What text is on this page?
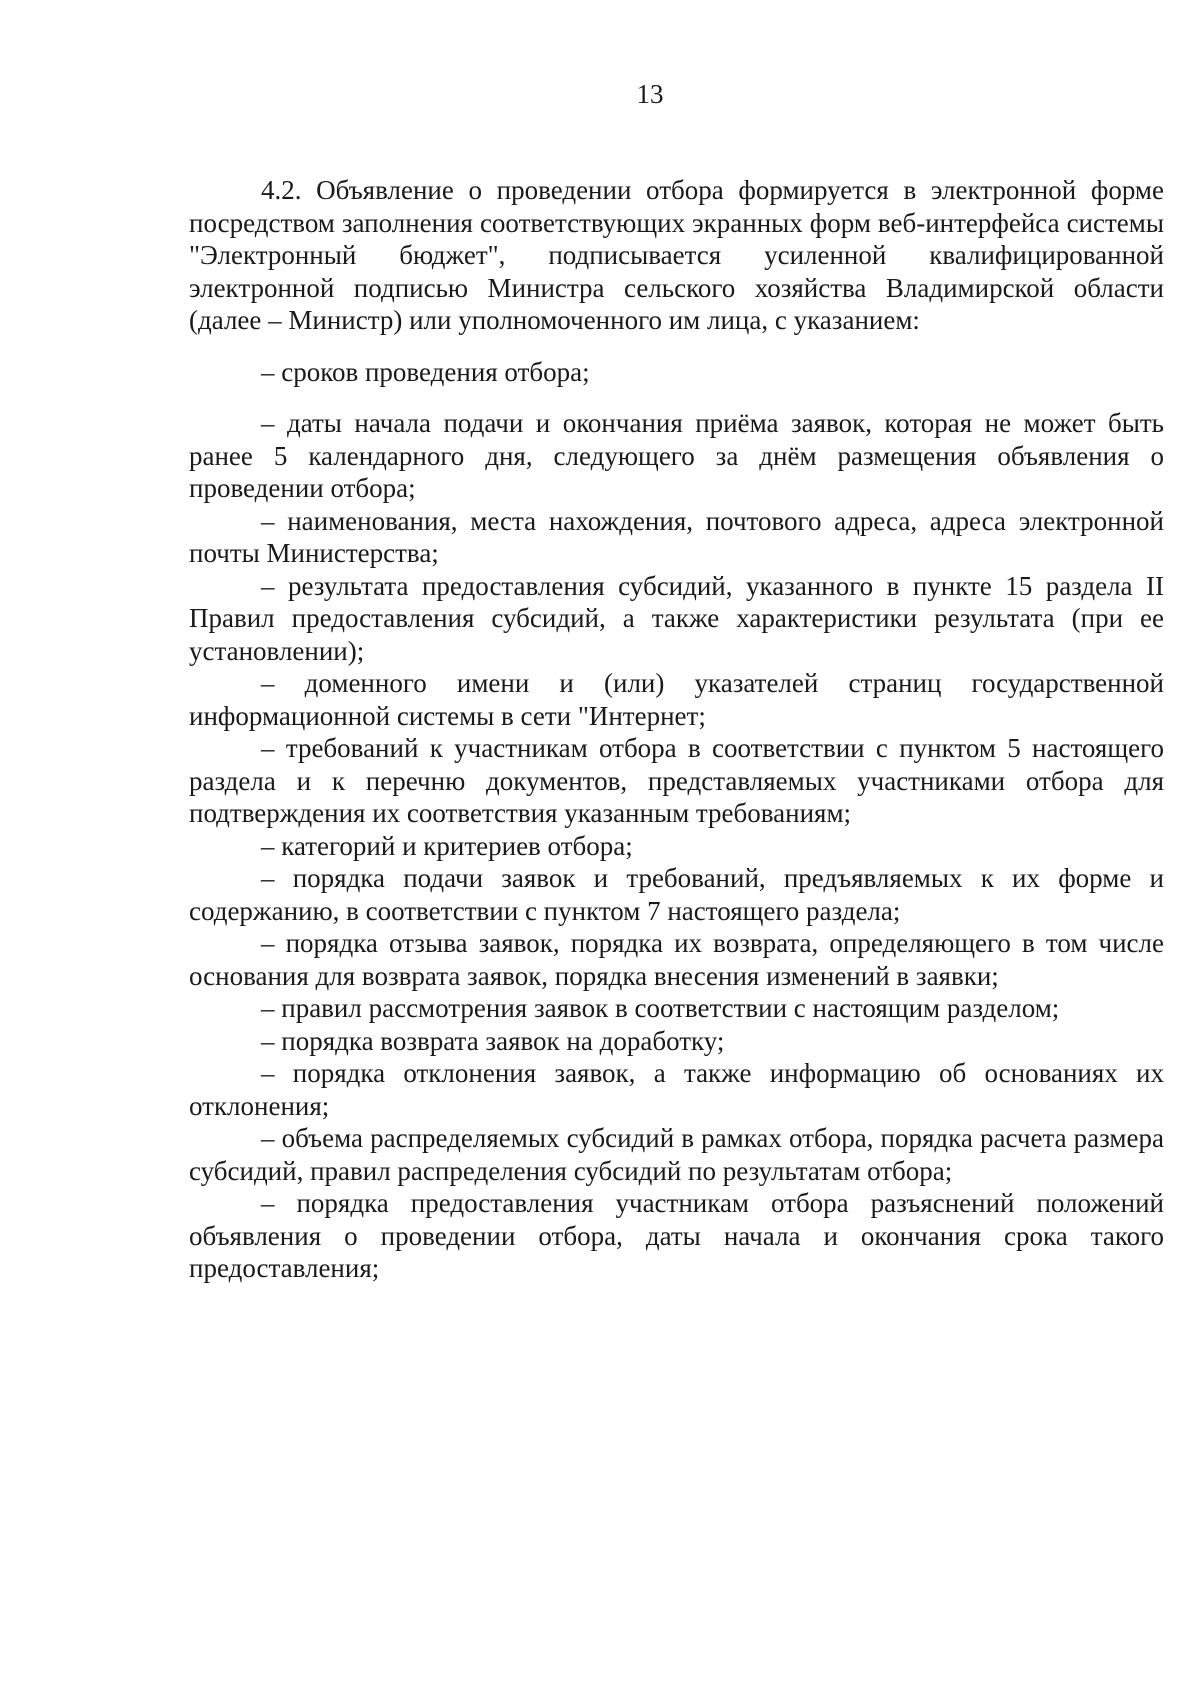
13

4.2. Объявление о проведении отбора формируется в электронной форме посредством заполнения соответствующих экранных форм веб-интерфейса системы "Электронный бюджет", подписывается усиленной квалифицированной электронной подписью Министра сельского хозяйства Владимирской области (далее – Министр) или уполномоченного им лица, с указанием:

– сроков проведения отбора;

– даты начала подачи и окончания приёма заявок, которая не может быть ранее 5 календарного дня, следующего за днём размещения объявления о проведении отбора;

– наименования, места нахождения, почтового адреса, адреса электронной почты Министерства;

– результата предоставления субсидий, указанного в пункте 15 раздела II Правил предоставления субсидий, а также характеристики результата (при ее установлении);

– доменного имени и (или) указателей страниц государственной информационной системы в сети "Интернет;

– требований к участникам отбора в соответствии с пунктом 5 настоящего раздела и к перечню документов, представляемых участниками отбора для подтверждения их соответствия указанным требованиям;

– категорий и критериев отбора;

– порядка подачи заявок и требований, предъявляемых к их форме и содержанию, в соответствии с пунктом 7 настоящего раздела;

– порядка отзыва заявок, порядка их возврата, определяющего в том числе основания для возврата заявок, порядка внесения изменений в заявки;

– правил рассмотрения заявок в соответствии с настоящим разделом;

– порядка возврата заявок на доработку;

– порядка отклонения заявок, а также информацию об основаниях их отклонения;

– объема распределяемых субсидий в рамках отбора, порядка расчета размера субсидий, правил распределения субсидий по результатам отбора;

– порядка предоставления участникам отбора разъяснений положений объявления о проведении отбора, даты начала и окончания срока такого предоставления;
